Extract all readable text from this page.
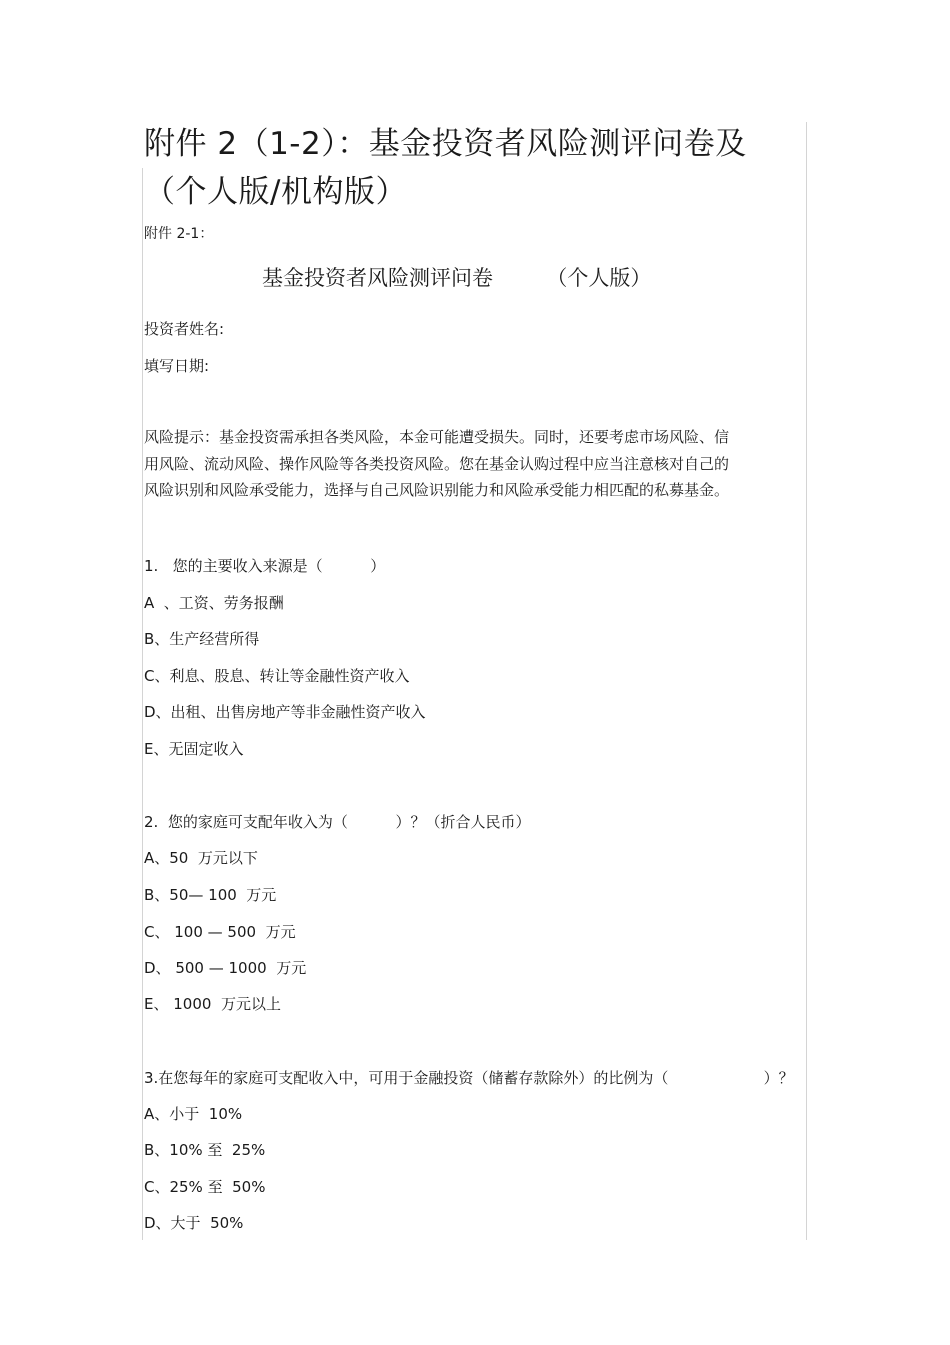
附件 2（1-2）：基金投资者风险测评问卷及（个人版/机构版）
附件 2-1：
基金投资者风险测评问卷        （个人版）
投资者姓名:
填写日期:
风险提示：基金投资需承担各类风险，本金可能遭受损失。同时，还要考虑市场风险、信用风险、流动风险、操作风险等各类投资风险。您在基金认购过程中应当注意核对自己的风险识别和风险承受能力，选择与自己风险识别能力和风险承受能力相匹配的私募基金。
1.   您的主要收入来源是（          ）
A  、工资、劳务报酬
B、生产经营所得
C、利息、股息、转让等金融性资产收入
D、出租、出售房地产等非金融性资产收入
E、无固定收入
2.  您的家庭可支配年收入为（          ）？（折合人民币）
A、50  万元以下
B、50— 100  万元
C、 100 — 500  万元
D、 500 — 1000  万元
E、 1000  万元以上
3.在您每年的家庭可支配收入中，可用于金融投资（储蓄存款除外）的比例为（                    ）？
A、小于  10%
B、10% 至  25%
C、25% 至  50%
D、大于  50%
